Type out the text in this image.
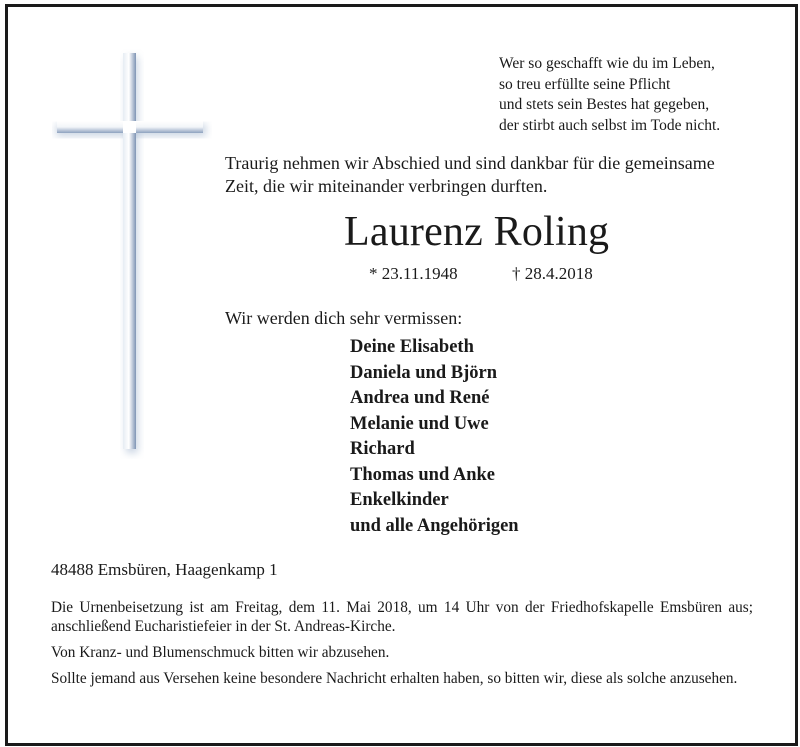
Wer so geschafft wie du im Leben,
so treu erfüllte seine Pflicht
und stets sein Bestes hat gegeben,
der stirbt auch selbst im Tode nicht.
Traurig nehmen wir Abschied und sind dankbar für die gemeinsame
Zeit, die wir miteinander verbringen durften.
Laurenz Roling
* 23.11.1948	† 28.4.2018
Wir werden dich sehr vermissen:
Deine Elisabeth
Daniela und Björn
Andrea und René
Melanie und Uwe
Richard
Thomas und Anke
Enkelkinder
und alle Angehörigen
48488 Emsbüren, Haagenkamp 1

Die Urnenbeisetzung ist am Freitag, dem 11. Mai 2018, um 14 Uhr von der Friedhofskapelle Emsbüren aus; anschließend Eucharistiefeier in der St. Andreas-Kirche.

Von Kranz- und Blumenschmuck bitten wir abzusehen.

Sollte jemand aus Versehen keine besondere Nachricht erhalten haben, so bitten wir, diese als solche anzusehen.
